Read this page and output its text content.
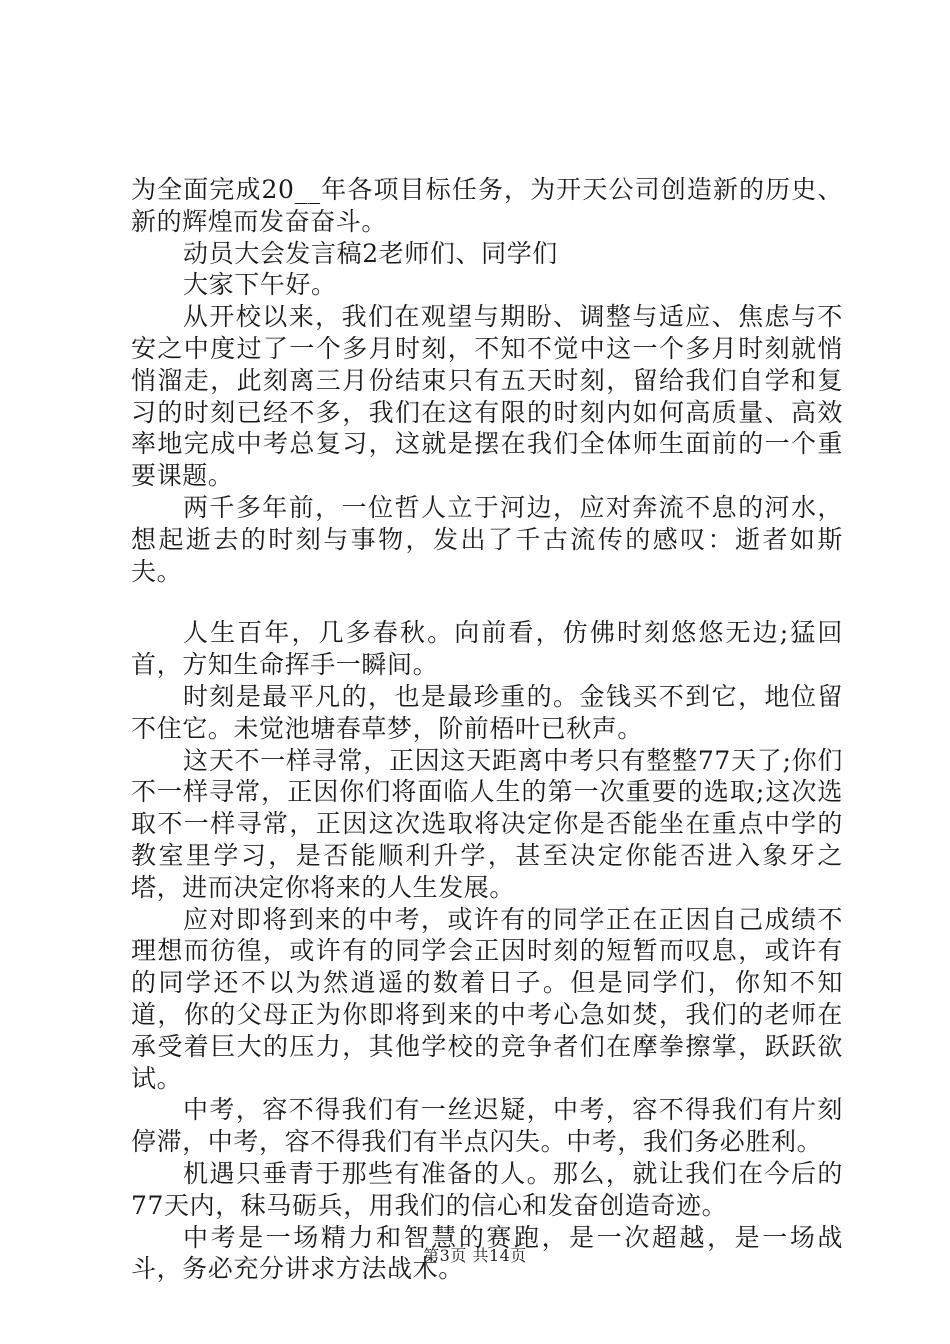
为全面完成20__年各项目标任务，为开天公司创造新的历史、新的辉煌而发奋奋斗。

动员大会发言稿2老师们、同学们

大家下午好。

从开校以来，我们在观望与期盼、调整与适应、焦虑与不安之中度过了一个多月时刻，不知不觉中这一个多月时刻就悄悄溜走，此刻离三月份结束只有五天时刻，留给我们自学和复习的时刻已经不多，我们在这有限的时刻内如何高质量、高效率地完成中考总复习，这就是摆在我们全体师生面前的一个重要课题。

两千多年前，一位哲人立于河边，应对奔流不息的河水，想起逝去的时刻与事物，发出了千古流传的感叹：逝者如斯夫。

人生百年，几多春秋。向前看，仿佛时刻悠悠无边;猛回首，方知生命挥手一瞬间。

时刻是最平凡的，也是最珍重的。金钱买不到它，地位留不住它。未觉池塘春草梦，阶前梧叶已秋声。

这天不一样寻常，正因这天距离中考只有整整77天了;你们不一样寻常，正因你们将面临人生的第一次重要的选取;这次选取不一样寻常，正因这次选取将决定你是否能坐在重点中学的教室里学习，是否能顺利升学，甚至决定你能否进入象牙之塔，进而决定你将来的人生发展。

应对即将到来的中考，或许有的同学正在正因自己成绩不理想而彷徨，或许有的同学会正因时刻的短暂而叹息，或许有的同学还不以为然逍遥的数着日子。但是同学们，你知不知道，你的父母正为你即将到来的中考心急如焚，我们的老师在承受着巨大的压力，其他学校的竞争者们在摩拳擦掌，跃跃欲试。

中考，容不得我们有一丝迟疑，中考，容不得我们有片刻停滞，中考，容不得我们有半点闪失。中考，我们务必胜利。

机遇只垂青于那些有准备的人。那么，就让我们在今后的77天内，秣马砺兵，用我们的信心和发奋创造奇迹。

中考是一场精力和智慧的赛跑，是一次超越，是一场战斗，务必充分讲求方法战术。

第3页 共14页
